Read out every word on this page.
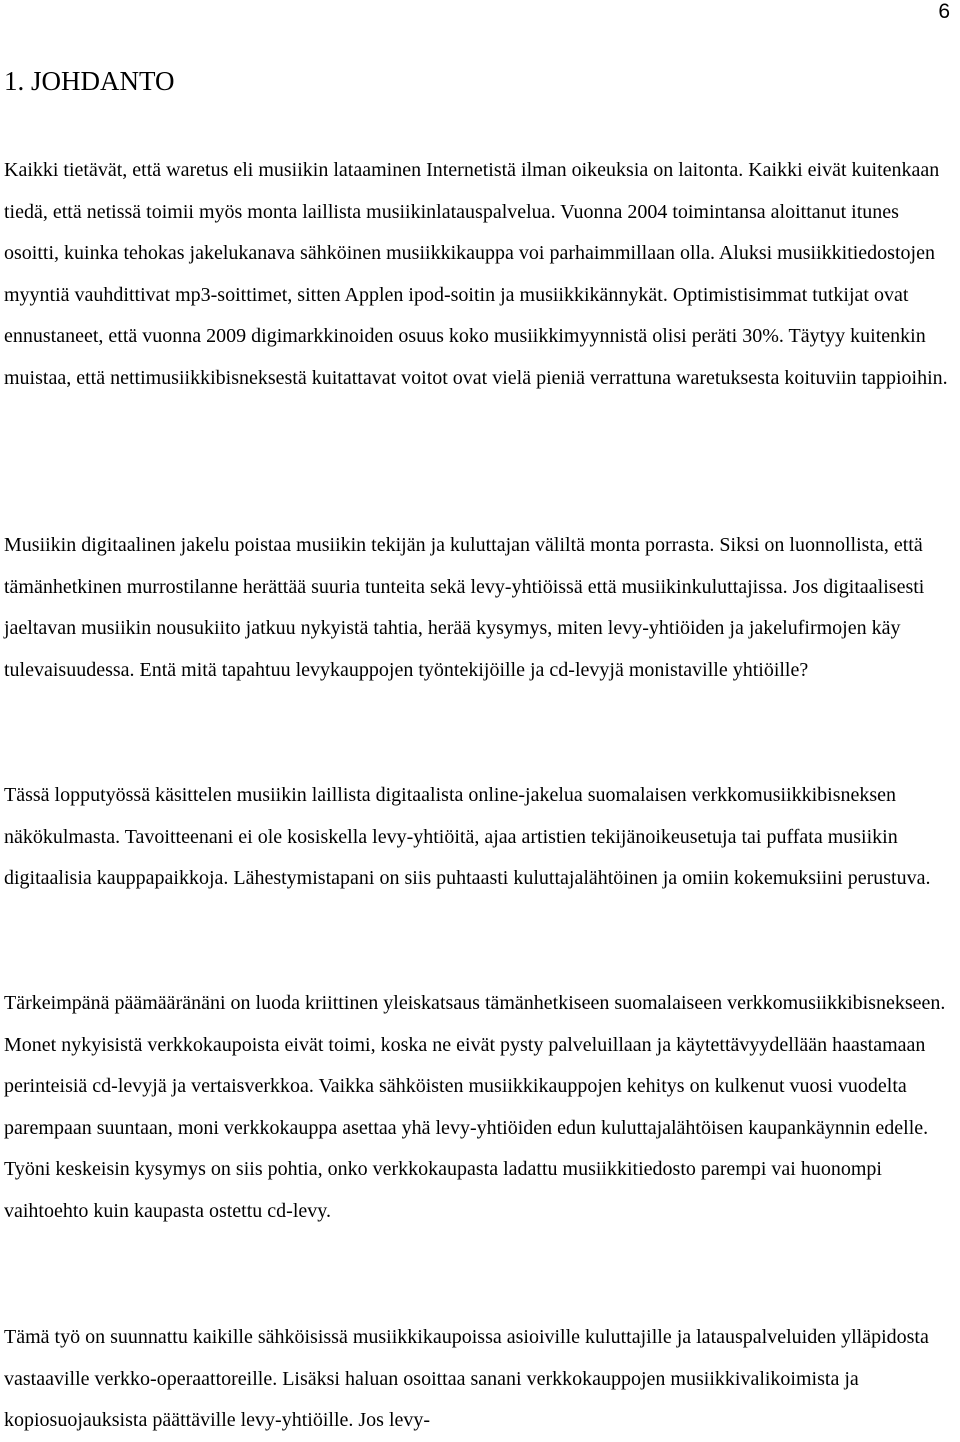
6
1. JOHDANTO

Kaikki tietävät, että waretus eli musiikin lataaminen Internetistä ilman oikeuksia on laitonta. Kaikki eivät kuitenkaan tiedä, että netissä toimii myös monta laillista musiikinlatauspalvelua. Vuonna 2004 toimintansa aloittanut itunes osoitti, kuinka tehokas jakelukanava sähköinen musiikkikauppa voi parhaimmillaan olla. Aluksi musiikkitiedostojen myyntiä vauhdittivat mp3-soittimet, sitten Applen ipod-soitin ja musiikkikännykät. Optimistisimmat tutkijat ovat ennustaneet, että vuonna 2009 digimarkkinoiden osuus koko musiikkimyynnistä olisi peräti 30%. Täytyy kuitenkin muistaa, että nettimusiikkibisneksestä kuitattavat voitot ovat vielä pieniä verrattuna waretuksesta koituviin tappioihin.

Musiikin digitaalinen jakelu poistaa musiikin tekijän ja kuluttajan väliltä monta porrasta. Siksi on luonnollista, että tämänhetkinen murrostilanne herättää suuria tunteita sekä levy-yhtiöissä että musiikinkuluttajissa. Jos digitaalisesti jaeltavan musiikin nousukiito jatkuu nykyistä tahtia, herää kysymys, miten levy-yhtiöiden ja jakelufirmojen käy tulevaisuudessa. Entä mitä tapahtuu levykauppojen työntekijöille ja cd-levyjä monistaville yhtiöille?

Tässä lopputyössä käsittelen musiikin laillista digitaalista online-jakelua suomalaisen verkkomusiikkibisneksen näkökulmasta. Tavoitteenani ei ole kosiskella levy-yhtiöitä, ajaa artistien tekijänoikeusetuja tai puffata musiikin digitaalisia kauppapaikkoja. Lähestymistapani on siis puhtaasti kuluttajalähtöinen ja omiin kokemuksiini perustuva.

Tärkeimpänä päämääränäni on luoda kriittinen yleiskatsaus tämänhetkiseen suomalaiseen verkkomusiikkibisnekseen. Monet nykyisistä verkkokaupoista eivät toimi, koska ne eivät pysty palveluillaan ja käytettävyydellään haastamaan perinteisiä cd-levyjä ja vertaisverkkoa. Vaikka sähköisten musiikkikauppojen kehitys on kulkenut vuosi vuodelta parempaan suuntaan, moni verkkokauppa asettaa yhä levy-yhtiöiden edun kuluttajalähtöisen kaupankäynnin edelle. Työni keskeisin kysymys on siis pohtia, onko verkkokaupasta ladattu musiikkitiedosto parempi vai huonompi vaihtoehto kuin kaupasta ostettu cd-levy.

Tämä työ on suunnattu kaikille sähköisissä musiikkikaupoissa asioiville kuluttajille ja latauspalveluiden ylläpidosta vastaaville verkko-operaattoreille. Lisäksi haluan osoittaa sanani verkkokauppojen musiikkivalikoimista ja kopiosuojauksista päättäville levy-yhtiöille. Jos levy-
